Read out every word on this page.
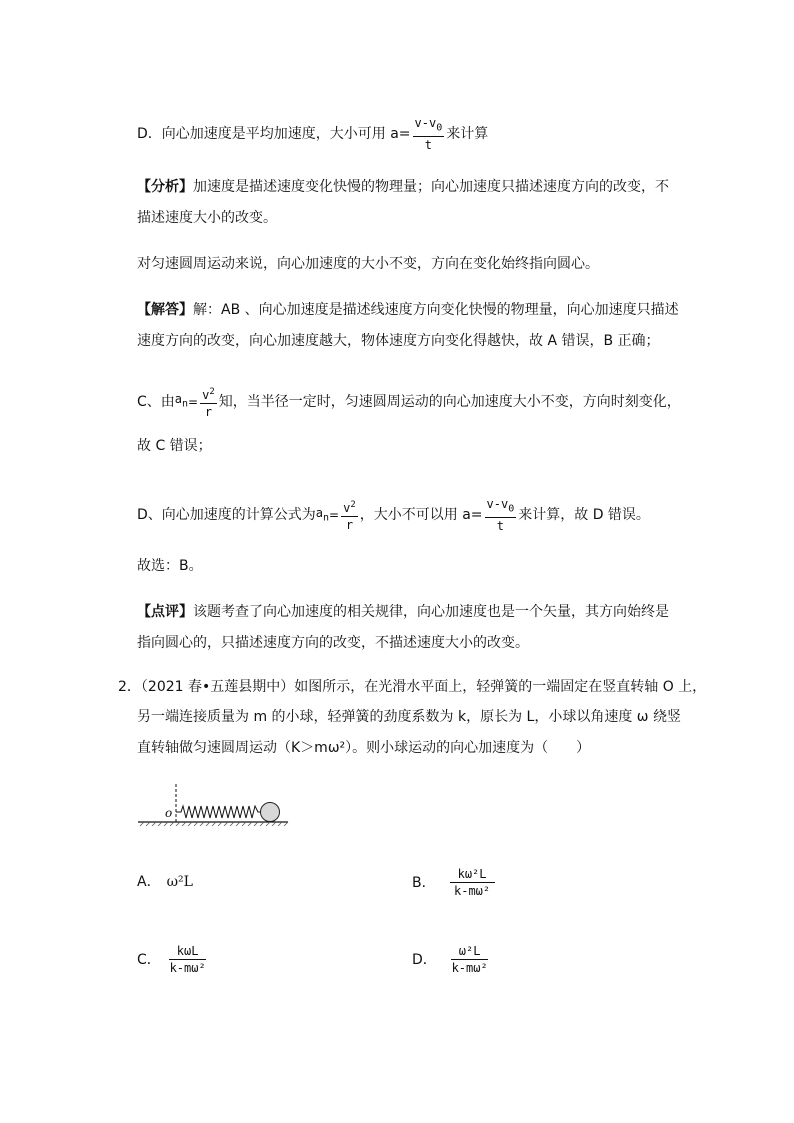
D．向心加速度是平均加速度，大小可用 $a= \frac{v-v_0}{t}$ 来计算
【分析】加速度是描述速度变化快慢的物理量；向心加速度只描述速度方向的改变，不
描述速度大小的改变。
对匀速圆周运动来说，向心加速度的大小不变，方向在变化始终指向圆心。
【解答】解：AB 、向心加速度是描述线速度方向变化快慢的物理量，向心加速度只描述
速度方向的改变，向心加速度越大，物体速度方向变化得越快，故 A 错误，B 正确；
C、由$a_n= \frac{v^2}{r}$ 知，当半径一定时，匀速圆周运动的向心加速度大小不变，方向时刻变化，
故 C 错误；
D、向心加速度的计算公式为$a_n= \frac{v^2}{r}$ ，大小不可以用 $a= \frac{v-v_0}{t}$ 来计算，故 D 错误。
故选：B。
【点评】该题考查了向心加速度的相关规律，向心加速度也是一个矢量，其方向始终是
指向圆心的，只描述速度方向的改变，不描述速度大小的改变。
2．（2021 春•五莲县期中）如图所示，在光滑水平面上，轻弹簧的一端固定在竖直转轴 O 上，
另一端连接质量为 m 的小球，轻弹簧的劲度系数为 k，原长为 L，小球以角速度 ω 绕竖
直转轴做匀速圆周运动（K＞mω²）。则小球运动的向心加速度为（　　）
o
A． ω²L	B． $\frac{\text{kω²L}}{\text{k-mω²}}$
C． $\frac{\text{kωL}}{\text{k-mω²}}$	D． $\frac{\text{ω²L}}{\text{k-mω²}}$
